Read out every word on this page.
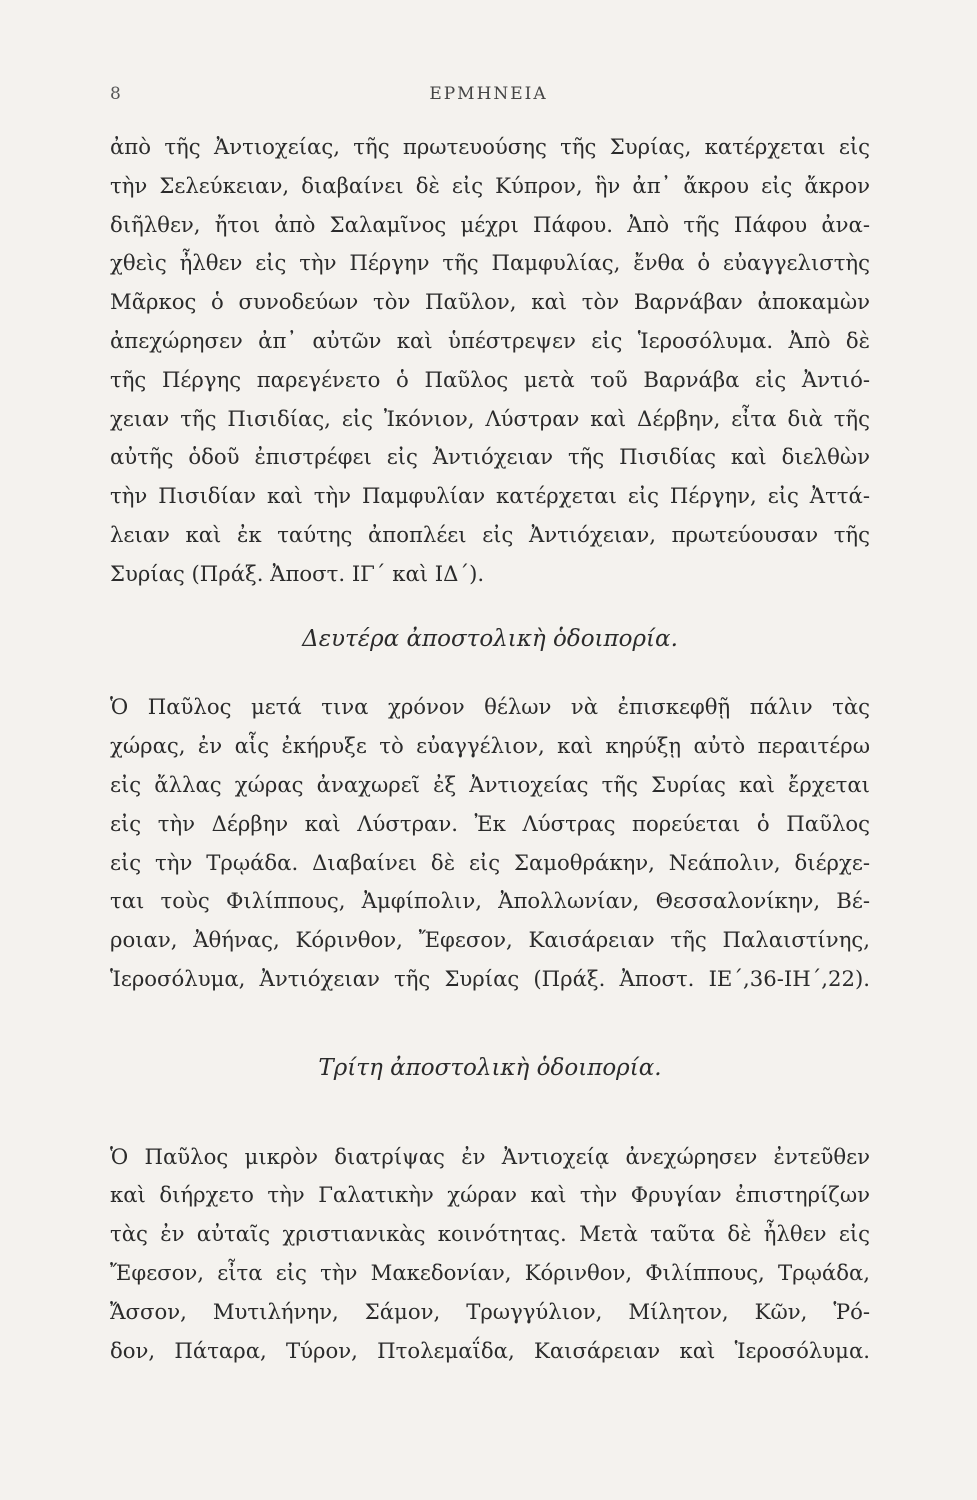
8	ΕΡΜΗΝΕΙΑ
ἀπὸ τῆς Ἀντιοχείας, τῆς πρωτευούσης τῆς Συρίας, κατέρχεται εἰς
τὴν Σελεύκειαν, διαβαίνει δὲ εἰς Κύπρον, ἣν ἀπ᾽ ἄκρου εἰς ἄκρον
διῆλθεν, ἤτοι ἀπὸ Σαλαμῖνος μέχρι Πάφου. Ἀπὸ τῆς Πάφου ἀνα-
χθεὶς ἦλθεν εἰς τὴν Πέργην τῆς Παμφυλίας, ἔνθα ὁ εὐαγγελιστὴς
Μᾶρκος ὁ συνοδεύων τὸν Παῦλον, καὶ τὸν Βαρνάβαν ἀποκαμὼν
ἀπεχώρησεν ἀπ᾽ αὐτῶν καὶ ὑπέστρεψεν εἰς Ἱεροσόλυμα. Ἀπὸ δὲ
τῆς Πέργης παρεγένετο ὁ Παῦλος μετὰ τοῦ Βαρνάβα εἰς Ἀντιό-
χειαν τῆς Πισιδίας, εἰς Ἰκόνιον, Λύστραν καὶ Δέρβην, εἶτα διὰ τῆς
αὐτῆς ὁδοῦ ἐπιστρέφει εἰς Ἀντιόχειαν τῆς Πισιδίας καὶ διελθὼν
τὴν Πισιδίαν καὶ τὴν Παμφυλίαν κατέρχεται εἰς Πέργην, εἰς Ἀττά-
λειαν καὶ ἐκ ταύτης ἀποπλέει εἰς Ἀντιόχειαν, πρωτεύουσαν τῆς
Συρίας (Πράξ. Ἀποστ. ΙΓ´ καὶ ΙΔ´).
Δευτέρα ἀποστολικὴ ὁδοιπορία.
Ὁ Παῦλος μετά τινα χρόνον θέλων νὰ ἐπισκεφθῇ πάλιν τὰς
χώρας, ἐν αἷς ἐκήρυξε τὸ εὐαγγέλιον, καὶ κηρύξῃ αὐτὸ περαιτέρω
εἰς ἄλλας χώρας ἀναχωρεῖ ἐξ Ἀντιοχείας τῆς Συρίας καὶ ἔρχεται
εἰς τὴν Δέρβην καὶ Λύστραν. Ἐκ Λύστρας πορεύεται ὁ Παῦλος
εἰς τὴν Τρῳάδα. Διαβαίνει δὲ εἰς Σαμοθράκην, Νεάπολιν, διέρχε-
ται τοὺς Φιλίππους, Ἀμφίπολιν, Ἀπολλωνίαν, Θεσσαλονίκην, Βέ-
ροιαν, Ἀθήνας, Κόρινθον, Ἔφεσον, Καισάρειαν τῆς Παλαιστίνης,
Ἱεροσόλυμα, Ἀντιόχειαν τῆς Συρίας (Πράξ. Ἀποστ. ΙΕ´,36-ΙΗ´,22).
Τρίτη ἀποστολικὴ ὁδοιπορία.
Ὁ Παῦλος μικρὸν διατρίψας ἐν Ἀντιοχείᾳ ἀνεχώρησεν ἐντεῦθεν
καὶ διήρχετο τὴν Γαλατικὴν χώραν καὶ τὴν Φρυγίαν ἐπιστηρίζων
τὰς ἐν αὐταῖς χριστιανικὰς κοινότητας. Μετὰ ταῦτα δὲ ἦλθεν εἰς
Ἔφεσον, εἶτα εἰς τὴν Μακεδονίαν, Κόρινθον, Φιλίππους, Τρῳάδα,
Ἄσσον, Μυτιλήνην, Σάμον, Τρωγγύλιον, Μίλητον, Κῶν, Ῥό-
δον, Πάταρα, Τύρον, Πτολεμαΐδα, Καισάρειαν καὶ Ἱεροσόλυμα.
